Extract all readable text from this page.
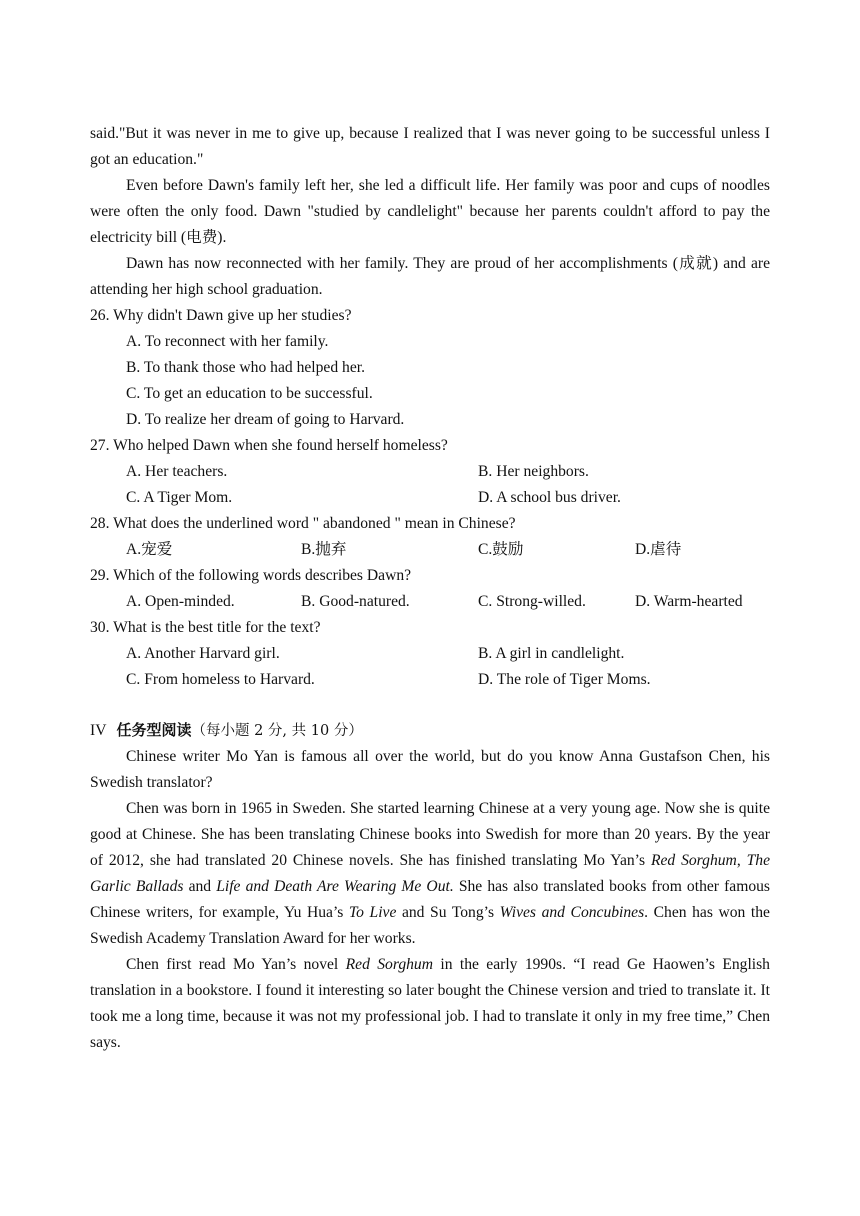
said."But it was never in me to give up, because I realized that I was never going to be successful unless I got an education."

Even before Dawn's family left her, she led a difficult life. Her family was poor and cups of noodles were often the only food. Dawn "studied by candlelight" because her parents couldn't afford to pay the electricity bill (电费).

Dawn has now reconnected with her family. They are proud of her accomplishments (成就) and are attending her high school graduation.

26. Why didn't Dawn give up her studies?
A. To reconnect with her family.
B. To thank those who had helped her.
C. To get an education to be successful.
D. To realize her dream of going to Harvard.
27. Who helped Dawn when she found herself homeless?
A. Her teachers.	B. Her neighbors.
C. A Tiger Mom.	D. A school bus driver.
28. What does the underlined word " abandoned " mean in Chinese?
A.宠爱	B.抛弃	C.鼓励	D.虐待
29. Which of the following words describes Dawn?
A. Open-minded.	B. Good-natured.	C. Strong-willed.	D. Warm-hearted
30. What is the best title for the text?
A. Another Harvard girl.	B. A girl in candlelight.
C. From homeless to Harvard.	D. The role of Tiger Moms.
IV 任务型阅读（每小题 2 分, 共 10 分）

Chinese writer Mo Yan is famous all over the world, but do you know Anna Gustafson Chen, his Swedish translator?

Chen was born in 1965 in Sweden. She started learning Chinese at a very young age. Now she is quite good at Chinese. She has been translating Chinese books into Swedish for more than 20 years. By the year of 2012, she had translated 20 Chinese novels. She has finished translating Mo Yan’s Red Sorghum, The Garlic Ballads and Life and Death Are Wearing Me Out. She has also translated books from other famous Chinese writers, for example, Yu Hua’s To Live and Su Tong’s Wives and Concubines. Chen has won the Swedish Academy Translation Award for her works.

Chen first read Mo Yan’s novel Red Sorghum in the early 1990s. “I read Ge Haowen’s English translation in a bookstore. I found it interesting so later bought the Chinese version and tried to translate it. It took me a long time, because it was not my professional job. I had to translate it only in my free time,” Chen says.
